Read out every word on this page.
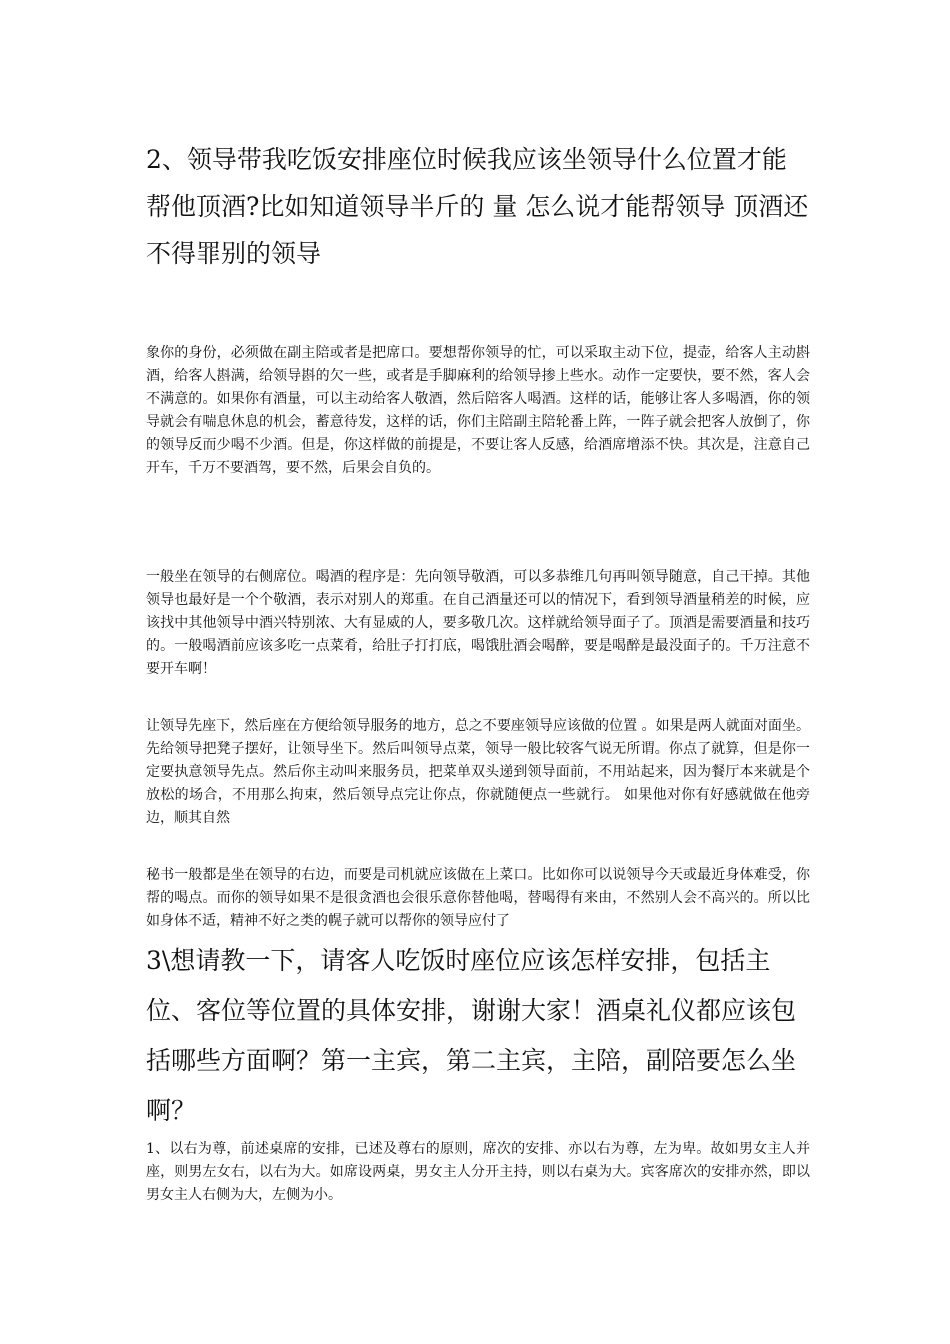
2、领导带我吃饭安排座位时候我应该坐领导什么位置才能帮他顶酒?比如知道领导半斤的 量 怎么说才能帮领导 顶酒还不得罪别的领导

象你的身份，必须做在副主陪或者是把席口。要想帮你领导的忙，可以采取主动下位，提壶，给客人主动斟酒，给客人斟满，给领导斟的欠一些，或者是手脚麻利的给领导掺上些水。动作一定要快，要不然，客人会不满意的。如果你有酒量，可以主动给客人敬酒，然后陪客人喝酒。这样的话，能够让客人多喝酒，你的领导就会有喘息休息的机会，蓄意待发，这样的话，你们主陪副主陪轮番上阵，一阵子就会把客人放倒了，你的领导反而少喝不少酒。但是，你这样做的前提是，不要让客人反感，给酒席增添不快。其次是，注意自己开车，千万不要酒驾，要不然，后果会自负的。

一般坐在领导的右侧席位。喝酒的程序是：先向领导敬酒，可以多恭维几句再叫领导随意，自己干掉。其他领导也最好是一个个敬酒，表示对别人的郑重。在自己酒量还可以的情况下，看到领导酒量稍差的时候，应该找中其他领导中酒兴特别浓、大有显威的人，要多敬几次。这样就给领导面子了。顶酒是需要酒量和技巧的。一般喝酒前应该多吃一点菜肴，给肚子打打底，喝饿肚酒会喝醉，要是喝醉是最没面子的。千万注意不要开车啊！

让领导先座下，然后座在方便给领导服务的地方，总之不要座领导应该做的位置 。如果是两人就面对面坐。先给领导把凳子摆好，让领导坐下。然后叫领导点菜，领导一般比较客气说无所谓。你点了就算，但是你一定要执意领导先点。然后你主动叫来服务员，把菜单双头递到领导面前，不用站起来，因为餐厅本来就是个放松的场合，不用那么拘束，然后领导点完让你点，你就随便点一些就行。 如果他对你有好感就做在他旁边，顺其自然

秘书一般都是坐在领导的右边，而要是司机就应该做在上菜口。比如你可以说领导今天或最近身体难受，你帮的喝点。而你的领导如果不是很贪酒也会很乐意你替他喝，替喝得有来由，不然别人会不高兴的。所以比如身体不适，精神不好之类的幌子就可以帮你的领导应付了

3\想请教一下，请客人吃饭时座位应该怎样安排，包括主位、客位等位置的具体安排，谢谢大家！酒桌礼仪都应该包括哪些方面啊？第一主宾，第二主宾，主陪，副陪要怎么坐啊？

1、以右为尊，前述桌席的安排，已述及尊右的原则，席次的安排、亦以右为尊，左为卑。故如男女主人并座，则男左女右，以右为大。如席设两桌，男女主人分开主持，则以右桌为大。宾客席次的安排亦然，即以男女主人右侧为大，左侧为小。
